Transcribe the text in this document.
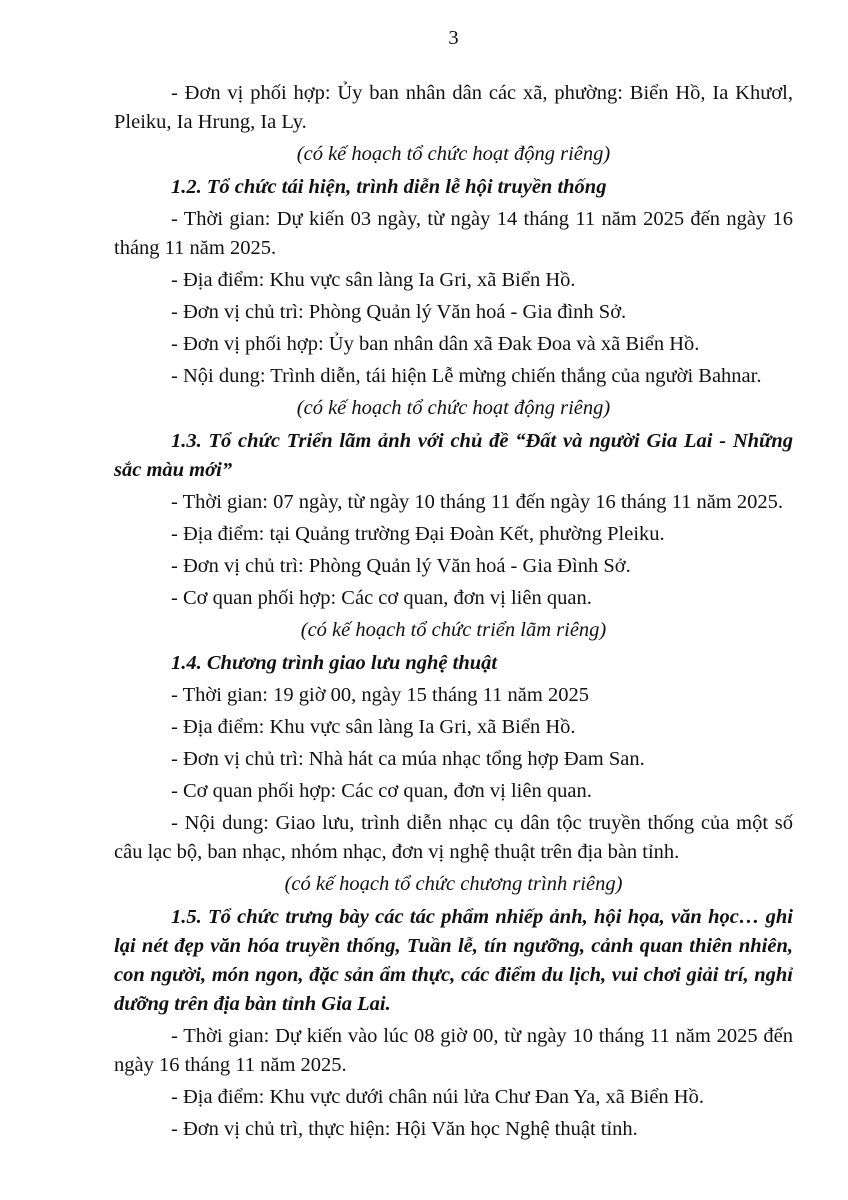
3

- Đơn vị phối hợp: Ủy ban nhân dân các xã, phường: Biển Hồ, Ia Khươl, Pleiku, Ia Hrung, Ia Ly.

(có kế hoạch tổ chức hoạt động riêng)

1.2. Tổ chức tái hiện, trình diễn lễ hội truyền thống

- Thời gian: Dự kiến 03 ngày, từ ngày 14 tháng 11 năm 2025 đến ngày 16 tháng 11 năm 2025.

- Địa điểm: Khu vực sân làng Ia Gri, xã Biển Hồ.

- Đơn vị chủ trì: Phòng Quản lý Văn hoá - Gia đình Sở.

- Đơn vị phối hợp: Ủy ban nhân dân xã Đak Đoa và xã Biển Hồ.

- Nội dung: Trình diễn, tái hiện Lễ mừng chiến thắng của người Bahnar.

(có kế hoạch tổ chức hoạt động riêng)

1.3. Tổ chức Triển lãm ảnh với chủ đề “Đất và người Gia Lai - Những sắc màu mới”

- Thời gian: 07 ngày, từ ngày 10 tháng 11 đến ngày 16 tháng 11 năm 2025.

- Địa điểm: tại Quảng trường Đại Đoàn Kết, phường Pleiku.

- Đơn vị chủ trì: Phòng Quản lý Văn hoá - Gia Đình Sở.

- Cơ quan phối hợp: Các cơ quan, đơn vị liên quan.

(có kế hoạch tổ chức triển lãm riêng)

1.4. Chương trình giao lưu nghệ thuật

- Thời gian: 19 giờ 00, ngày 15 tháng 11 năm 2025

- Địa điểm: Khu vực sân làng Ia Gri, xã Biển Hồ.

- Đơn vị chủ trì: Nhà hát ca múa nhạc tổng hợp Đam San.

- Cơ quan phối hợp: Các cơ quan, đơn vị liên quan.

- Nội dung: Giao lưu, trình diễn nhạc cụ dân tộc truyền thống của một số câu lạc bộ, ban nhạc, nhóm nhạc, đơn vị nghệ thuật trên địa bàn tỉnh.

(có kế hoạch tổ chức chương trình riêng)

1.5. Tổ chức trưng bày các tác phẩm nhiếp ảnh, hội họa, văn học… ghi lại nét đẹp văn hóa truyền thống, Tuần lễ, tín ngưỡng, cảnh quan thiên nhiên, con người, món ngon, đặc sản ẩm thực, các điểm du lịch, vui chơi giải trí, nghỉ dưỡng trên địa bàn tỉnh Gia Lai.

- Thời gian: Dự kiến vào lúc 08 giờ 00, từ ngày 10 tháng 11 năm 2025 đến ngày 16 tháng 11 năm 2025.

- Địa điểm: Khu vực dưới chân núi lửa Chư Đan Ya, xã Biển Hồ.

- Đơn vị chủ trì, thực hiện: Hội Văn học Nghệ thuật tỉnh.
